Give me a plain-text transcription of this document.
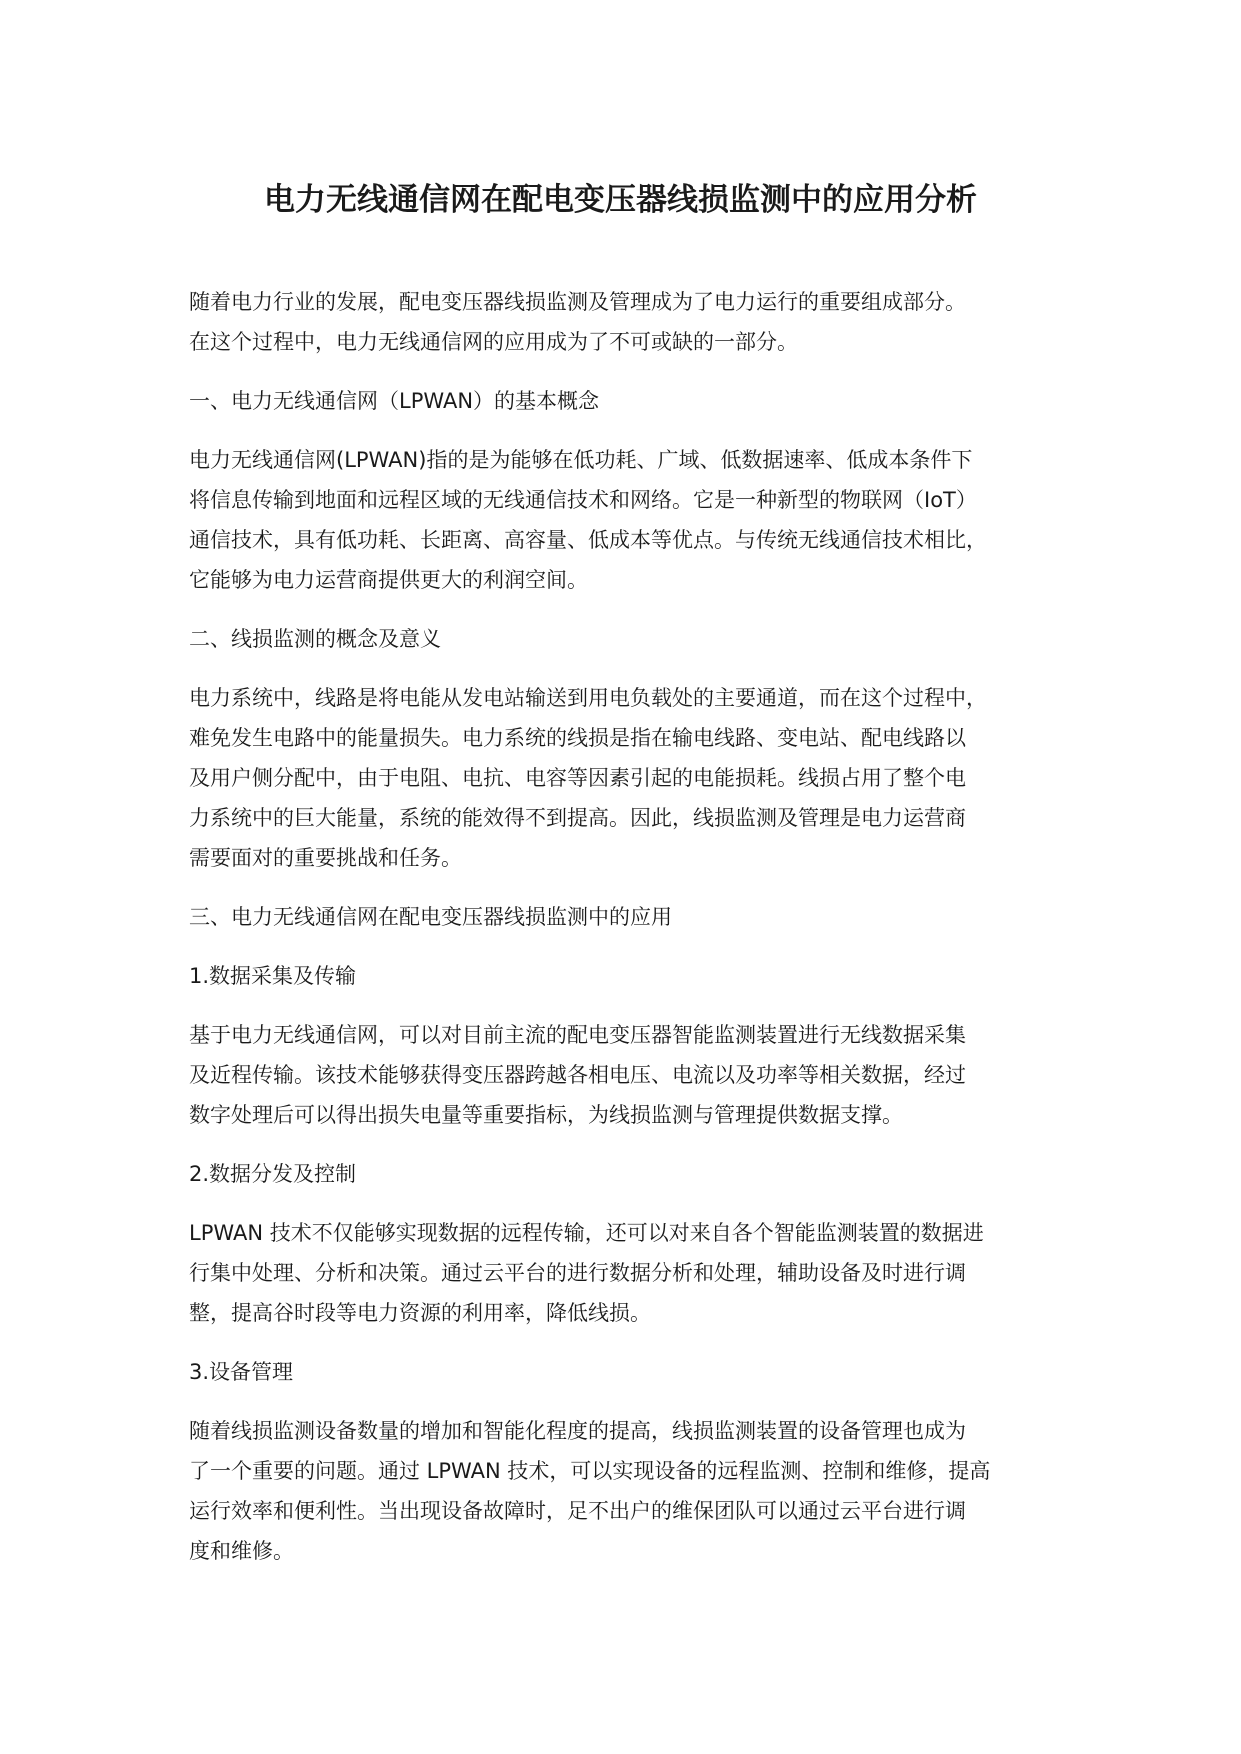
电力无线通信网在配电变压器线损监测中的应用分析

随着电力行业的发展，配电变压器线损监测及管理成为了电力运行的重要组成部分。
在这个过程中，电力无线通信网的应用成为了不可或缺的一部分。

一、电力无线通信网（LPWAN）的基本概念

电力无线通信网(LPWAN)指的是为能够在低功耗、广域、低数据速率、低成本条件下
将信息传输到地面和远程区域的无线通信技术和网络。它是一种新型的物联网（IoT）
通信技术，具有低功耗、长距离、高容量、低成本等优点。与传统无线通信技术相比，
它能够为电力运营商提供更大的利润空间。

二、线损监测的概念及意义

电力系统中，线路是将电能从发电站输送到用电负载处的主要通道，而在这个过程中，
难免发生电路中的能量损失。电力系统的线损是指在输电线路、变电站、配电线路以
及用户侧分配中，由于电阻、电抗、电容等因素引起的电能损耗。线损占用了整个电
力系统中的巨大能量，系统的能效得不到提高。因此，线损监测及管理是电力运营商
需要面对的重要挑战和任务。

三、电力无线通信网在配电变压器线损监测中的应用

1.数据采集及传输

基于电力无线通信网，可以对目前主流的配电变压器智能监测装置进行无线数据采集
及近程传输。该技术能够获得变压器跨越各相电压、电流以及功率等相关数据，经过
数字处理后可以得出损失电量等重要指标，为线损监测与管理提供数据支撑。

2.数据分发及控制

LPWAN 技术不仅能够实现数据的远程传输，还可以对来自各个智能监测装置的数据进
行集中处理、分析和决策。通过云平台的进行数据分析和处理，辅助设备及时进行调
整，提高谷时段等电力资源的利用率，降低线损。

3.设备管理

随着线损监测设备数量的增加和智能化程度的提高，线损监测装置的设备管理也成为
了一个重要的问题。通过 LPWAN 技术，可以实现设备的远程监测、控制和维修，提高
运行效率和便利性。当出现设备故障时，足不出户的维保团队可以通过云平台进行调
度和维修。
